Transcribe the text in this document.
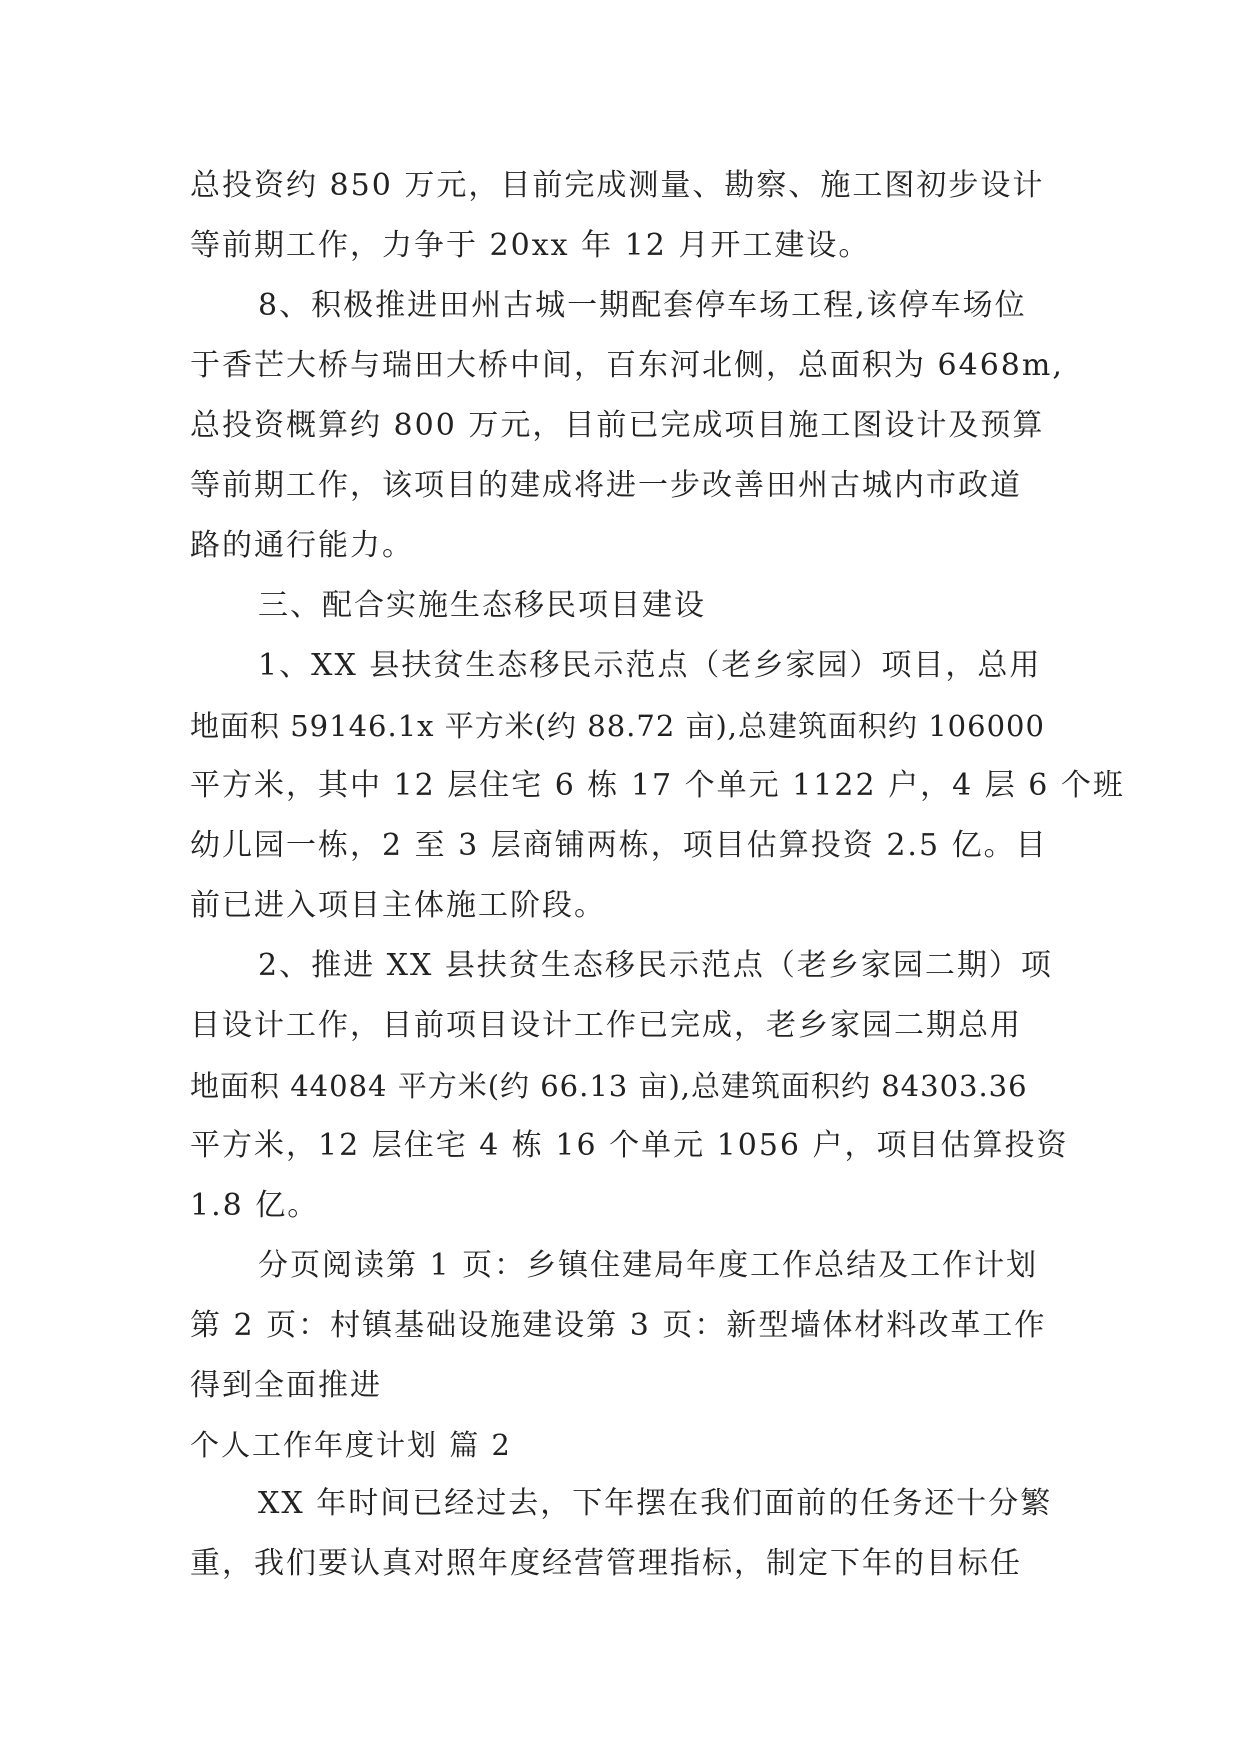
总投资约 850 万元，目前完成测量、勘察、施工图初步设计
等前期工作，力争于 20xx 年 12 月开工建设。
8、积极推进田州古城一期配套停车场工程,该停车场位
于香芒大桥与瑞田大桥中间，百东河北侧，总面积为 6468m,
总投资概算约 800 万元，目前已完成项目施工图设计及预算
等前期工作，该项目的建成将进一步改善田州古城内市政道
路的通行能力。
三、配合实施生态移民项目建设
1、XX 县扶贫生态移民示范点（老乡家园）项目，总用
地面积 59146.1x 平方米(约 88.72 亩),总建筑面积约 106000
平方米，其中 12 层住宅 6 栋 17 个单元 1122 户，4 层 6 个班
幼儿园一栋，2 至 3 层商铺两栋，项目估算投资 2.5 亿。目
前已进入项目主体施工阶段。
2、推进 XX 县扶贫生态移民示范点（老乡家园二期）项
目设计工作，目前项目设计工作已完成，老乡家园二期总用
地面积 44084 平方米(约 66.13 亩),总建筑面积约 84303.36
平方米，12 层住宅 4 栋 16 个单元 1056 户，项目估算投资
1.8 亿。
分页阅读第 1 页：乡镇住建局年度工作总结及工作计划
第 2 页：村镇基础设施建设第 3 页：新型墙体材料改革工作
得到全面推进
个人工作年度计划 篇 2
XX 年时间已经过去，下年摆在我们面前的任务还十分繁
重，我们要认真对照年度经营管理指标，制定下年的目标任
